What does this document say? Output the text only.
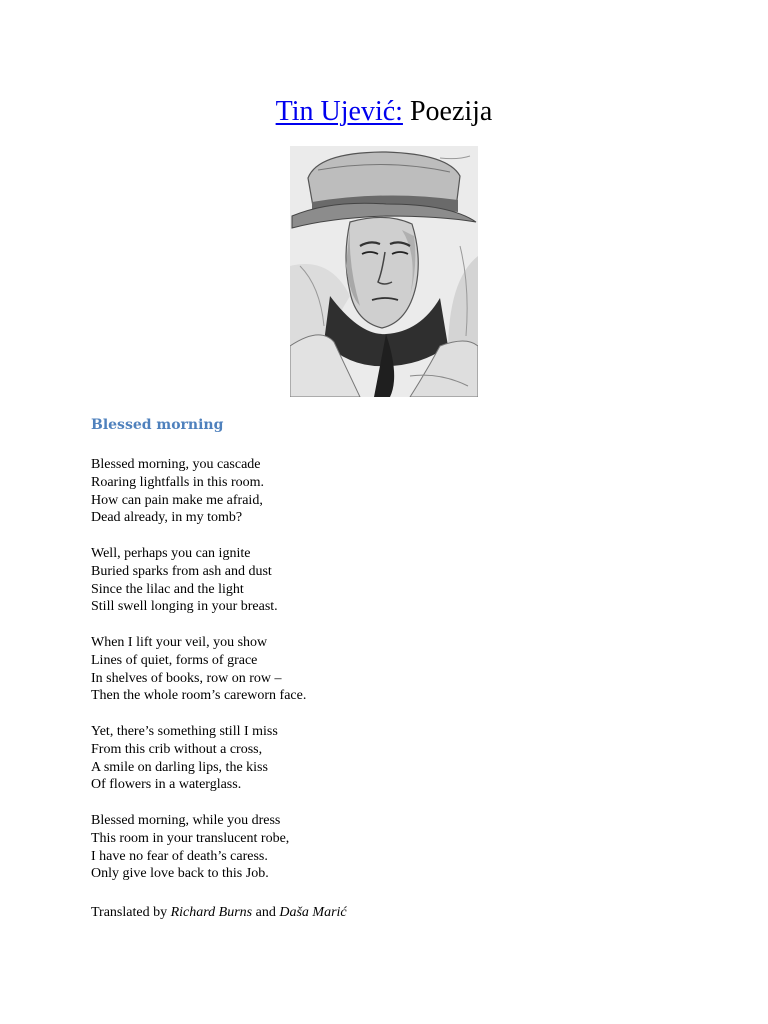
Tin Ujević: Poezija
Blessed morning
Blessed morning, you cascade
Roaring lightfalls in this room.
How can pain make me afraid,
Dead already, in my tomb?
Well, perhaps you can ignite
Buried sparks from ash and dust
Since the lilac and the light
Still swell longing in your breast.
When I lift your veil, you show
Lines of quiet, forms of grace
In shelves of books, row on row –
Then the whole room’s careworn face.
Yet, there’s something still I miss
From this crib without a cross,
A smile on darling lips, the kiss
Of flowers in a waterglass.
Blessed morning, while you dress
This room in your translucent robe,
I have no fear of death’s caress.
Only give love back to this Job.
Translated by Richard Burns and Daša Marić
